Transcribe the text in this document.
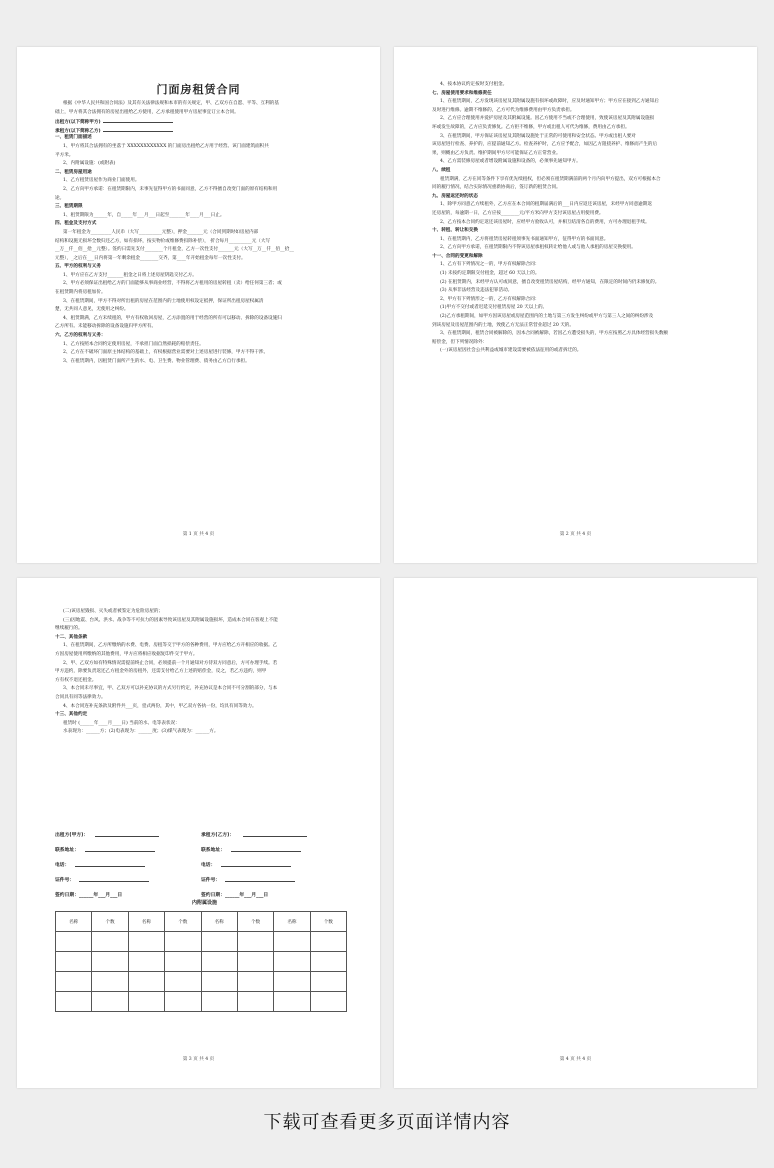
门面房租赁合同
根据《中华人民共和国合同法》及其有关法律法规和本市的有关规定，甲、乙双方在自愿、平等、互利的基
础上，甲方将其合法拥有的房屋出租给乙方使用，乙方承租使用甲方房屋事宜订立本合同。
出租方(以下简称甲方)
承租方(以下简称乙方)
一、租赁门面描述
1、甲方将其合法拥有的坐落于 XXXXXXXXXXXX 的门面房出租给乙方用于经营。该门面建筑面积共
平方米。
2、内附属设施：(或附表)
二、租赁房屋用途
1、乙方租赁房屋作为商业门面使用。
2、乙方向甲方承诺：在租赁期限内，未事先征得甲方的书面同意，乙方不得擅自改变门面的原有结构和用
途。
三、租赁期限
1、租赁期限为______年，自_____年___月___日起至_______年____月___日止。
四、租金及支付方式
第一年租金为_________人民币（大写__________元整），押金_______元（合同到期时如房屋内部
结构和设施无损坏全数归还乙方，如有损坏，按实物价或维修费扣除补偿）， 折合每月__________元（大写
__万__仟__佰__拾__元整）。签约日需先支付________个月租金，乙方一次性支付_______元（大写__万__仟__佰__拾__
元整），_之后在___日内将第一年剩余租金________交齐，第____年开始租金每年一次性支付。
五、甲方的权利与义务
1、甲方应在乙方支付_______租金之日将上述房屋钥匙交付乙方。
2、甲方必须保证出租给乙方的门面能够从事商业经营，不得将乙方租用的房屋转租（卖）给任何第三者；或
在租赁期内将房租加价。
3、在租赁期间，甲方不得对所出租的房屋在范围内的土地使用权设定抵押，保证所出租房屋权属清
楚，无共同人意见，无使用之纠纷。
4、租赁期满，乙方未续租的，甲方有权收回房屋，乙方添置的用于经营的所有可以移动、拆除的设备设施归
乙方所有。未能移动拆除的设备设施归甲方所有。
六、乙方的权利与义务：
1、乙方按照本合同约定使用房屋，不承担门面自然损耗的赔偿责任。
2、乙方在不破坏门面原主体结构的基础上，有权根据营业需要对上述房屋进行装修，甲方不得干涉。
3、在租赁期内，因租赁门面所产生的水、电、卫生费、物业管理费、债务由乙方自行承担。
第 1 页 共 4 页
4、按本协议约定按时支付租金。
七、房屋使用要求和维修责任
1、在租赁期间，乙方发现该房屋及其附属设施有损坏或故障时，应及时通知甲方；甲方应在接到乙方通知后
及时进行维修。逾期不维修的，乙方可代为维修费用由甲方负责承担。
2、乙方应合理使用并爱护房屋及其附属设施。因乙方使用不当或不合理使用，致使该房屋及其附属设施损
坏或发生故障的，乙方应负责修复。乙方拒不维修，甲方或出租人可代为维修，费用由乙方承担。
3、在租赁期间，甲方保证该房屋及其附属设施处于正常的可使用和安全状态。甲方或出租人要对
该房屋进行检查、养护的，应提前通知乙方。检查养护时，乙方应予配合，如因乙方阻挠养护、维修而产生的后
果，则概由乙方负责。维护期间甲方尽可能保证乙方正常营业。
4、乙方需装修房屋或者增设附属设施和设备的，必须事先通知甲方。
八、续租
租赁期满，乙方在同等条件下享有优先续租权，但必须在租赁期满前的两个月内向甲方提出，双方可根据本合
同的履行情况，结合实际情况重新协商后，签订新的租赁合同。
九、房屋返还时的状态
1、除甲方同意乙方续租外，乙方应在本合同的租期届满后的___日内应返还该房屋，未经甲方同意逾期返
还房屋的，每逾期一日，乙方应按________元/平方米向甲方支付该房屋占用使用费。
2、乙方按本合同约定返还该房屋时，应经甲方验收认可，并相互结清各自的费用，方可办理退租手续。
十、转租、转让和交换
1、在租赁期内，乙方将租赁房屋转租须事先书面通知甲方，征得甲方的书面同意。
2、乙方向甲方承诺，在租赁期限内不得该房屋承租权转让给他人或与他人承租的房屋交换使用。
十一、合同的变更和解除
1、乙方有下列情况之一的，甲方有权解除合同：
(1) 未按约定期限交付租金，超过 60 天以上的。
(2) 在租赁期内，未经甲方认可或同意，擅自改变租赁房屋结构，经甲方通知，在限定的时间内仍未修复的。
(3) 从事非法经营及违法犯罪活动。
2、甲方有下列情形之一的，乙方有权解除合同：
(1)甲方不交付或者迟延交付租赁房屋 20 天以上的。
(2)乙方承租期间，如甲方因该房屋或房屋范围内的土地与第三方发生纠纷或甲方与第三人之间的纠纷涉及
到该房屋及房屋范围内的土地，致使乙方无法正常营业超过 20 天的。
3、在租赁期间，租赁合同被解除的，因本合同被解除，若因乙方遭受损失的，甲方应按照乙方具体经营损失数额
赔偿金，但下列情况除外：
(一)该房屋因社会公共利益或城市建设需要被依法征用的或者拆迁的。
第 2 页 共 4 页
(二)该房屋毁损、灭失或者被鉴定为危险房屋的；
(三)因地震、台风、洪水、战争等不可抗力的因素导致该房屋及其附属设施损坏，造成本合同在客观上不能
继续履行的。
十二、其他条款
1、在租赁期间，乙方所缴纳的水费、电费、房租等交于甲方的各种费用，甲方应给乙方开相应的收据。乙
方因房屋使用所缴纳的其他费用，甲方应将相应收据复印件交于甲方。
2、甲、乙双方如有特殊情况需提前终止合同，必须提前一个月通知对方待双方同意后，方可办理手续。若
甲方违约，除要负责返还乙方租金外的房租外，还需支付给乙方上述的赔偿金，反之，若乙方违约，则甲
方有权不退还租金。
3、本合同未尽事宜，甲、乙双方可以补充协议的方式另行约定，补充协议是本合同不可分割的部分，与本
合同具有同等法律效力。
4、本合同连补充条款及附件共___页，壹式两份，其中，甲乙双方各执一份，均具有同等效力。
十三、其他约定
租赁时 (______年____月____日) 当前的水、电等表状况：
水表现为：______方；(2)电表现为：______度；(3)煤气表现为：______方。
出租方(甲方)：	承租方(乙方)：
联系地址：	联系地址：
电话：	电话：
证件号：	证件号：
签约日期：______年___月___日	签约日期：______年___月___日
内附属设施
名称	个数	名称	个数	名称	个数	名称	个数

第 3 页 共 4 页	第 4 页 共 4 页
下载可查看更多页面详情内容
